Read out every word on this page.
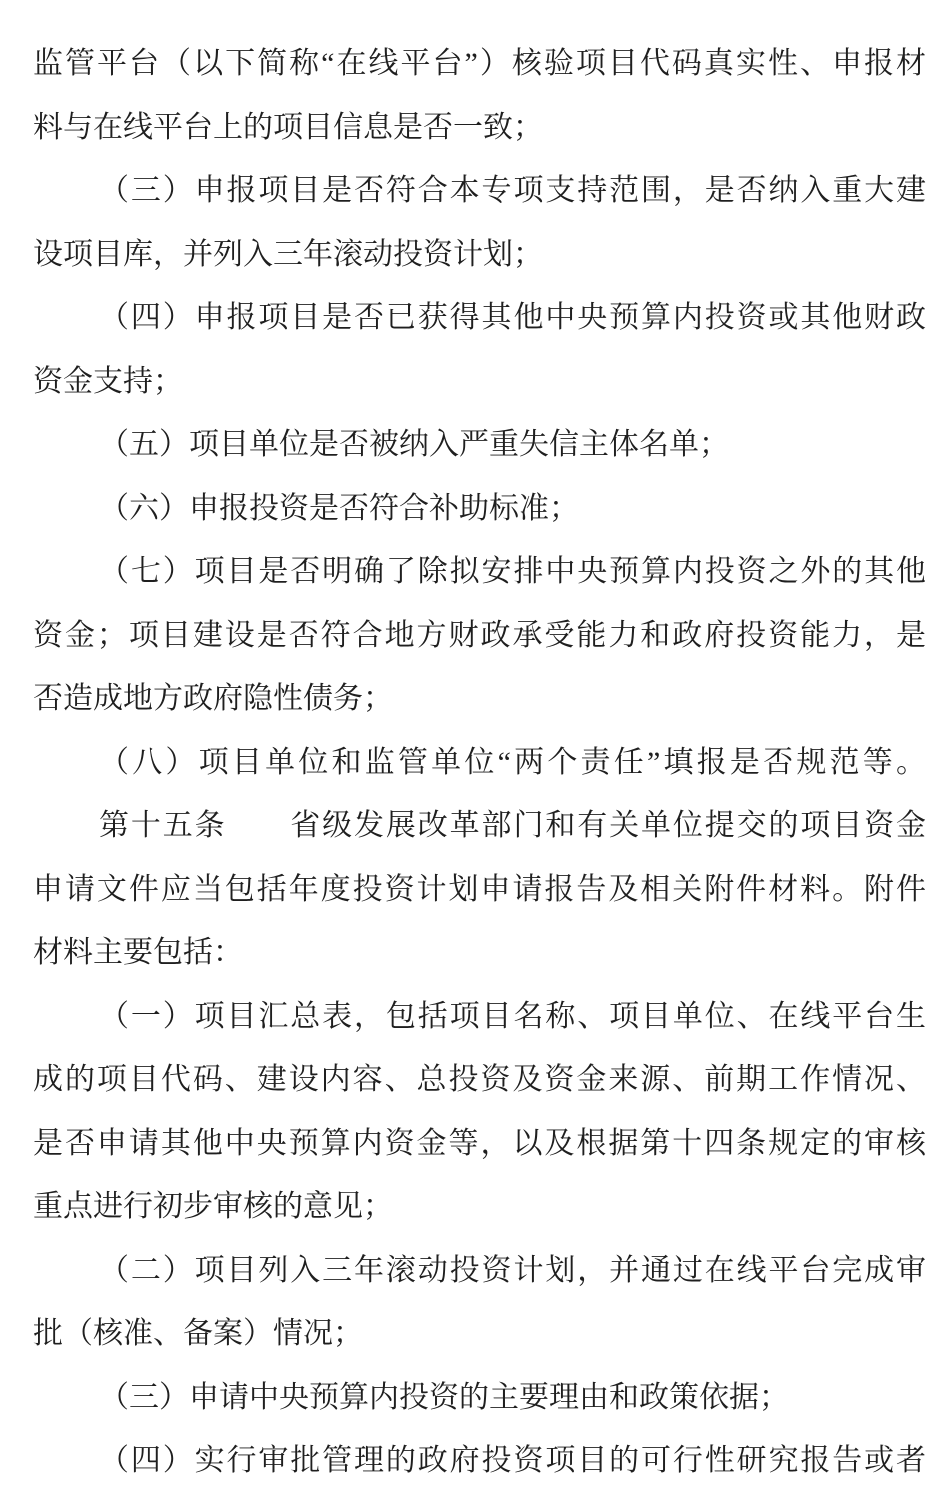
监管平台（以下简称“在线平台”）核验项目代码真实性、申报材
料与在线平台上的项目信息是否一致；
（三）申报项目是否符合本专项支持范围，是否纳入重大建
设项目库，并列入三年滚动投资计划；
（四）申报项目是否已获得其他中央预算内投资或其他财政
资金支持；
（五）项目单位是否被纳入严重失信主体名单；
（六）申报投资是否符合补助标准；
（七）项目是否明确了除拟安排中央预算内投资之外的其他
资金；项目建设是否符合地方财政承受能力和政府投资能力，是
否造成地方政府隐性债务；
（八）项目单位和监管单位“两个责任”填报是否规范等。
第十五条　　省级发展改革部门和有关单位提交的项目资金
申请文件应当包括年度投资计划申请报告及相关附件材料。附件
材料主要包括：
（一）项目汇总表，包括项目名称、项目单位、在线平台生
成的项目代码、建设内容、总投资及资金来源、前期工作情况、
是否申请其他中央预算内资金等，以及根据第十四条规定的审核
重点进行初步审核的意见；
（二）项目列入三年滚动投资计划，并通过在线平台完成审
批（核准、备案）情况；
（三）申请中央预算内投资的主要理由和政策依据；
（四）实行审批管理的政府投资项目的可行性研究报告或者
